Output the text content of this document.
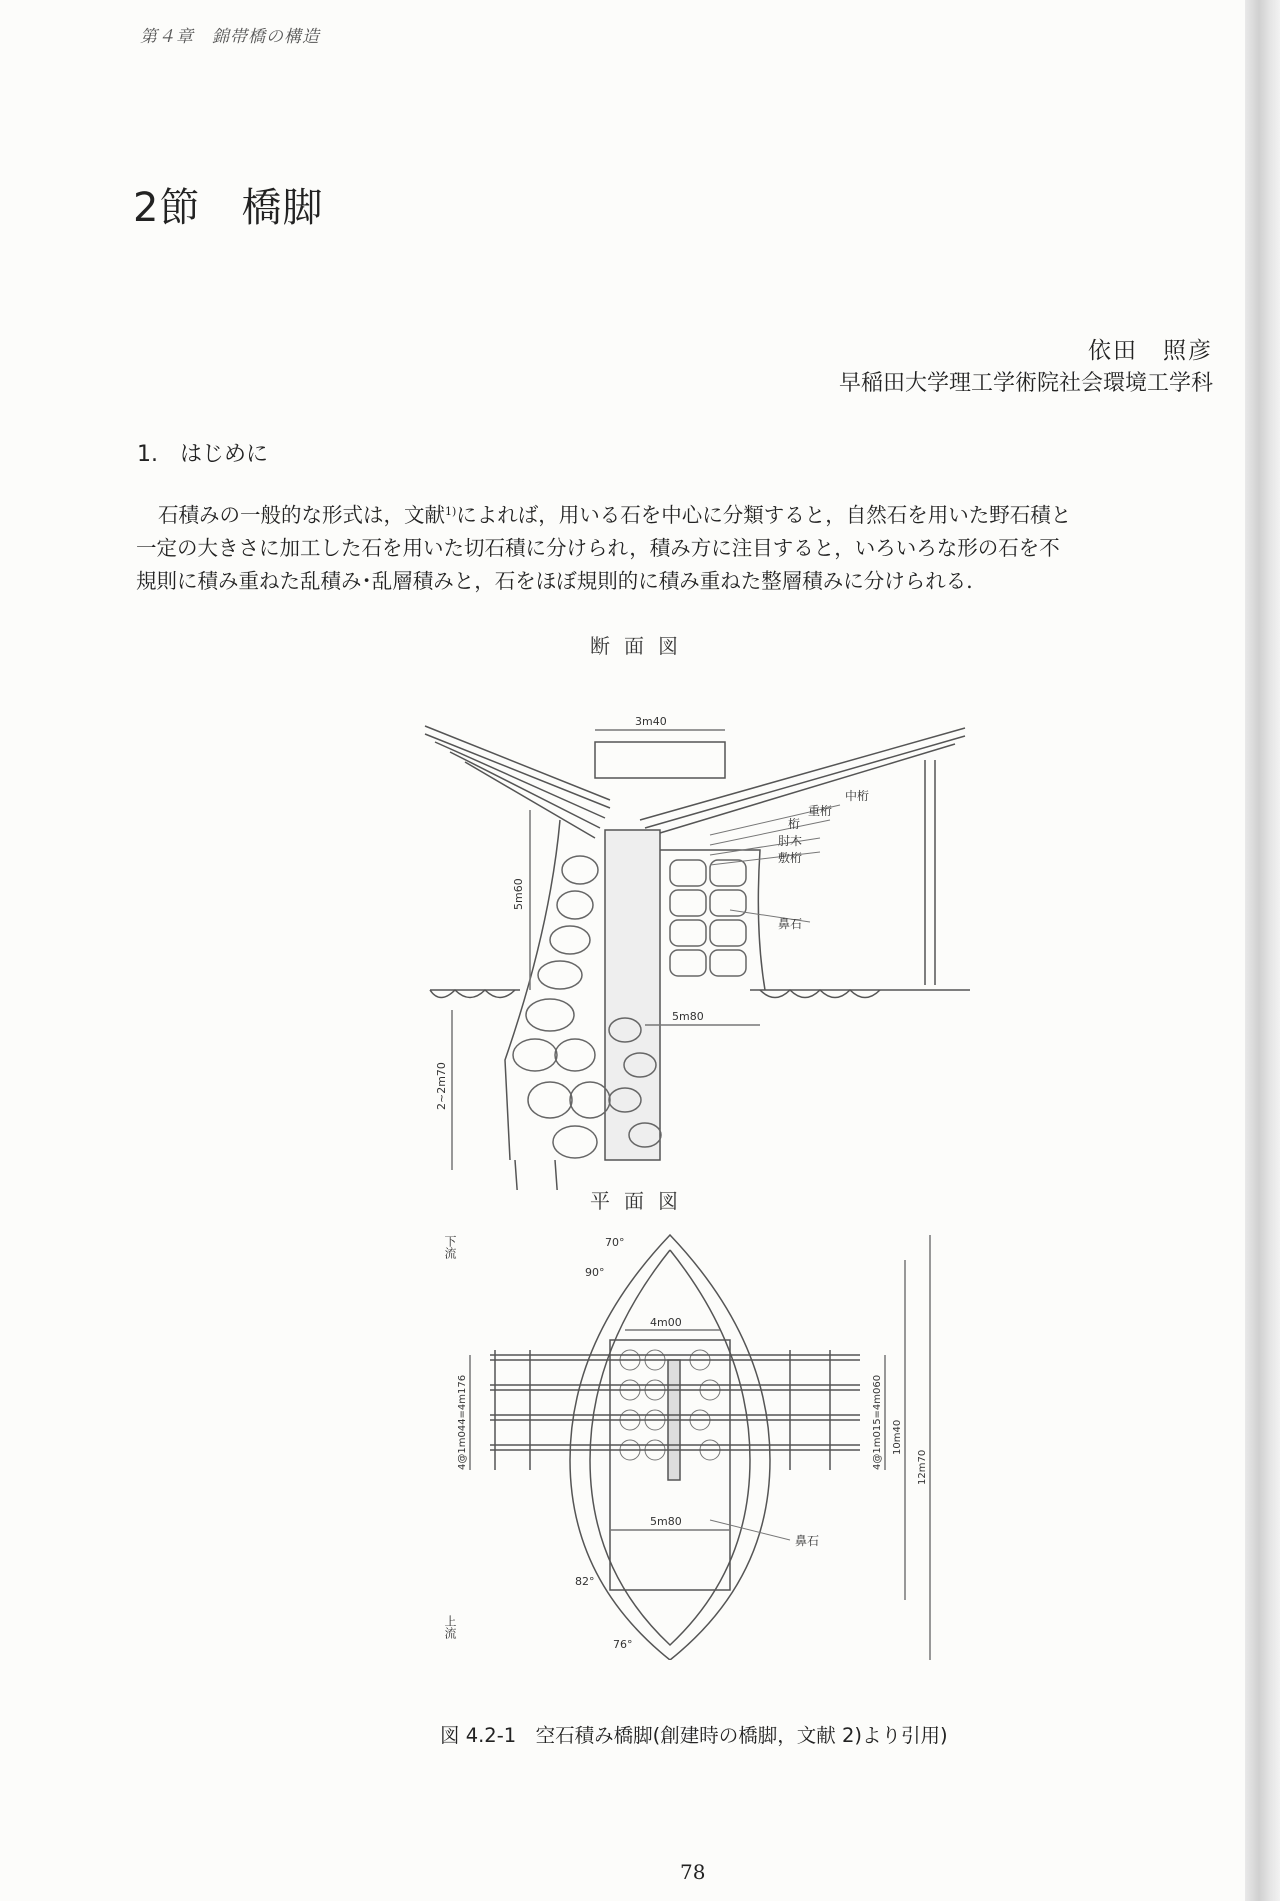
第４章　錦帯橋の構造
2節　橋脚
依田　照彦
早稲田大学理工学術院社会環境工学科
1.　はじめに
石積みの一般的な形式は，文献$^{1)}$によれば，用いる石を中心に分類すると，自然石を用いた野石積と
一定の大きさに加工した石を用いた切石積に分けられ，積み方に注目すると，いろいろな形の石を不
規則に積み重ねた乱積み･乱層積みと，石をほぼ規則的に積み重ねた整層積みに分けられる．
断面図
3m40
5m60
5m80
2~2m70
中桁
重桁
桁
肘木
敷桁
鼻石
平面図
下流
上流
70°
90°
82°
76°
4m00
5m80
4@1m044=4m176	4@1m015=4m060 10m40
12m70
鼻石
図 4.2-1　空石積み橋脚(創建時の橋脚，文献 2)より引用)
78
